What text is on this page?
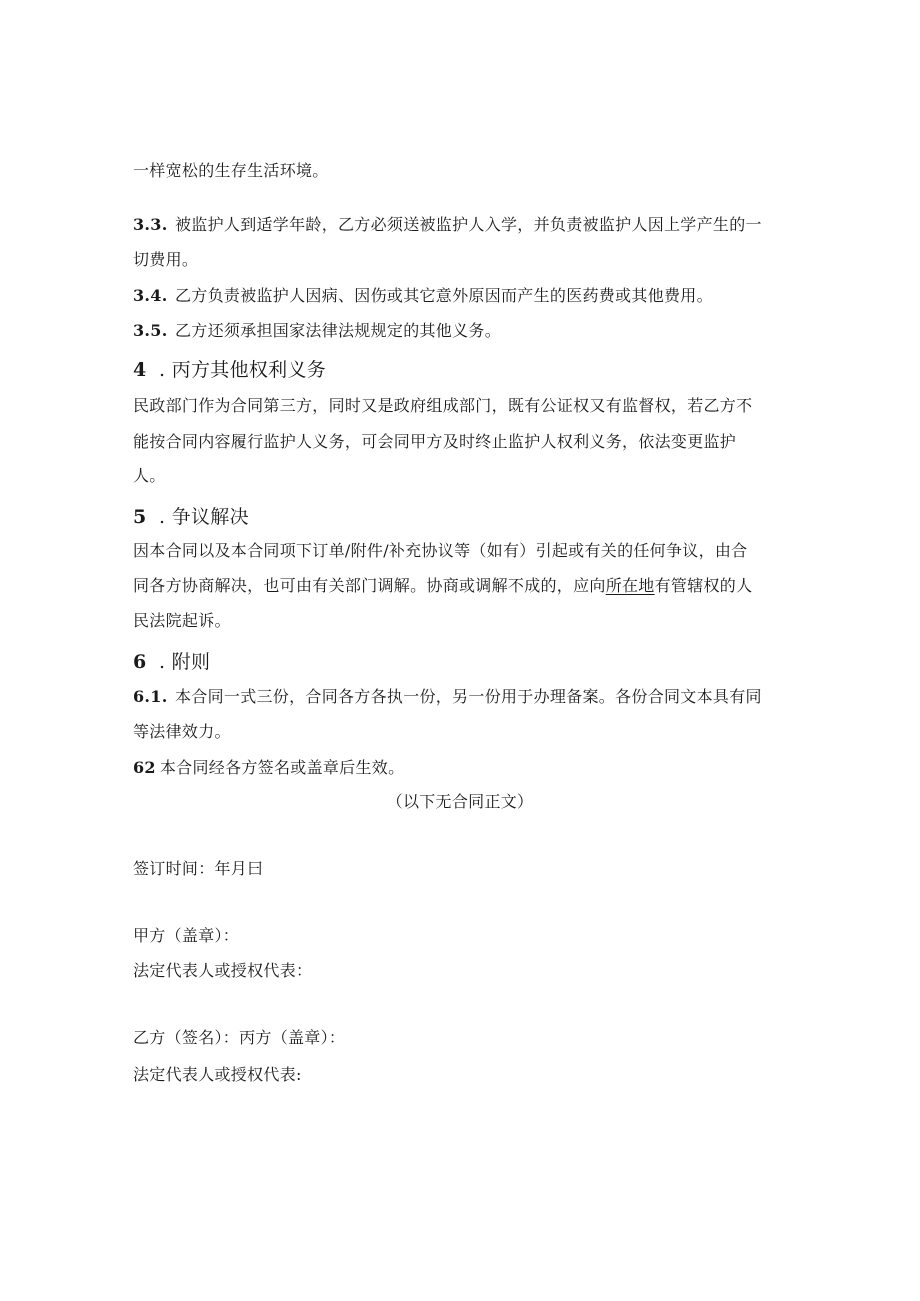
一样宽松的生存生活环境。
3.3. 被监护人到适学年龄，乙方必须送被监护人入学，并负责被监护人因上学产生的一
切费用。
3.4. 乙方负责被监护人因病、因伤或其它意外原因而产生的医药费或其他费用。
3.5. 乙方还须承担国家法律法规规定的其他义务。
4 . 丙方其他权利义务
民政部门作为合同第三方，同时又是政府组成部门，既有公证权又有监督权，若乙方不
能按合同内容履行监护人义务，可会同甲方及时终止监护人权利义务，依法变更监护
人。
5 . 争议解决
因本合同以及本合同项下订单/附件/补充协议等（如有）引起或有关的任何争议，由合
同各方协商解决，也可由有关部门调解。协商或调解不成的，应向所在地有管辖权的人
民法院起诉。
6 . 附则
6.1. 本合同一式三份，合同各方各执一份，另一份用于办理备案。各份合同文本具有同
等法律效力。
62 本合同经各方签名或盖章后生效。
（以下无合同正文）
签订时间：年月曰
甲方（盖章）：
法定代表人或授权代表：
乙方（签名）：丙方（盖章）：
法定代表人或授权代表:
